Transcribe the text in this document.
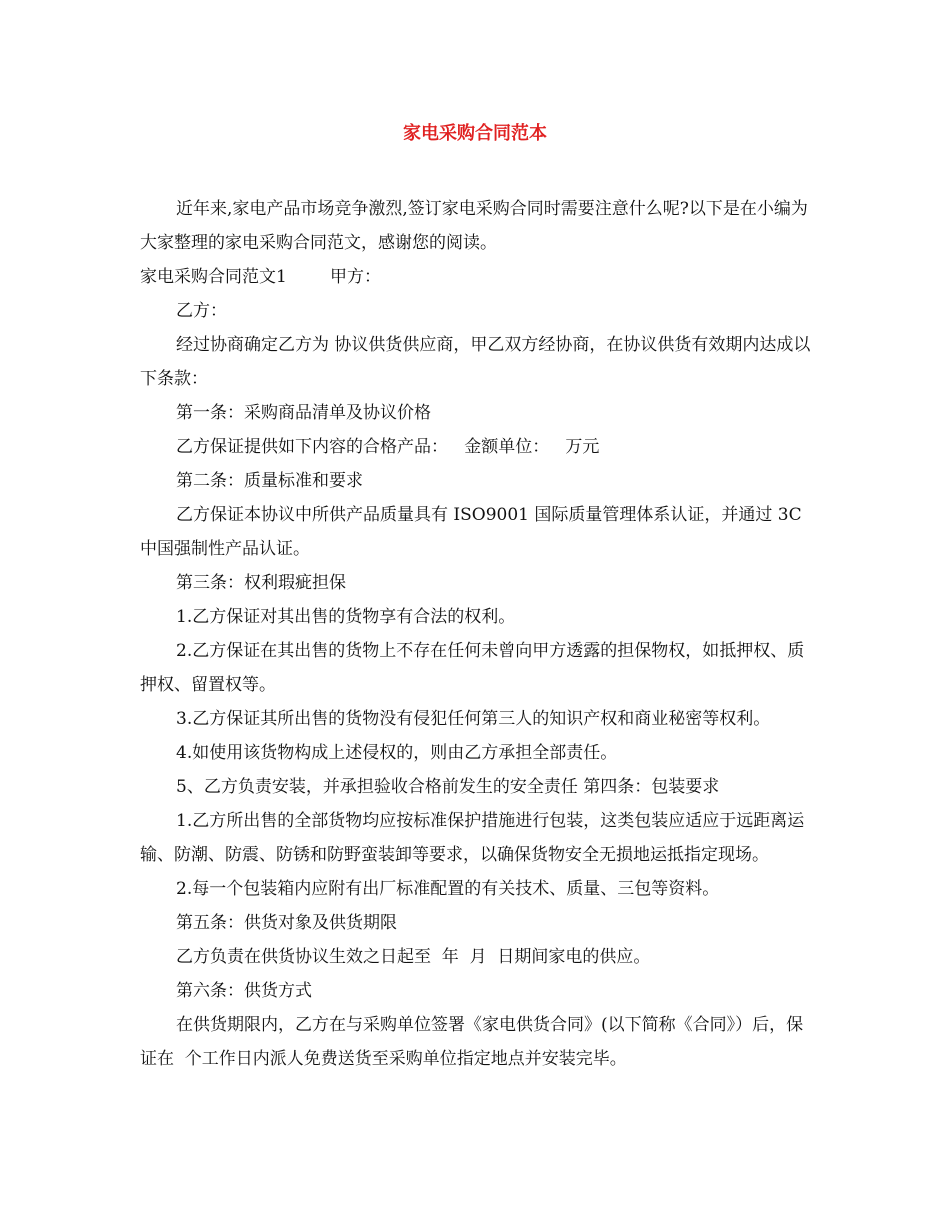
家电采购合同范本

近年来,家电产品市场竞争激烈,签订家电采购合同时需要注意什么呢?以下是在小编为大家整理的家电采购合同范文，感谢您的阅读。

家电采购合同范文1        甲方：

乙方：

经过协商确定乙方为 协议供货供应商，甲乙双方经协商，在协议供货有效期内达成以下条款：

第一条：采购商品清单及协议价格

乙方保证提供如下内容的合格产品：   金额单位：   万元

第二条：质量标准和要求

乙方保证本协议中所供产品质量具有 ISO9001 国际质量管理体系认证，并通过 3C 中国强制性产品认证。

第三条：权利瑕疵担保

1.乙方保证对其出售的货物享有合法的权利。

2.乙方保证在其出售的货物上不存在任何未曾向甲方透露的担保物权，如抵押权、质押权、留置权等。

3.乙方保证其所出售的货物没有侵犯任何第三人的知识产权和商业秘密等权利。

4.如使用该货物构成上述侵权的，则由乙方承担全部责任。

5、乙方负责安装，并承担验收合格前发生的安全责任 第四条：包装要求

1.乙方所出售的全部货物均应按标准保护措施进行包装，这类包装应适应于远距离运输、防潮、防震、防锈和防野蛮装卸等要求，以确保货物安全无损地运抵指定现场。

2.每一个包装箱内应附有出厂标准配置的有关技术、质量、三包等资料。

第五条：供货对象及供货期限

乙方负责在供货协议生效之日起至  年  月  日期间家电的供应。

第六条：供货方式

在供货期限内，乙方在与采购单位签署《家电供货合同》(以下简称《合同》）后，保证在  个工作日内派人免费送货至采购单位指定地点并安装完毕。
